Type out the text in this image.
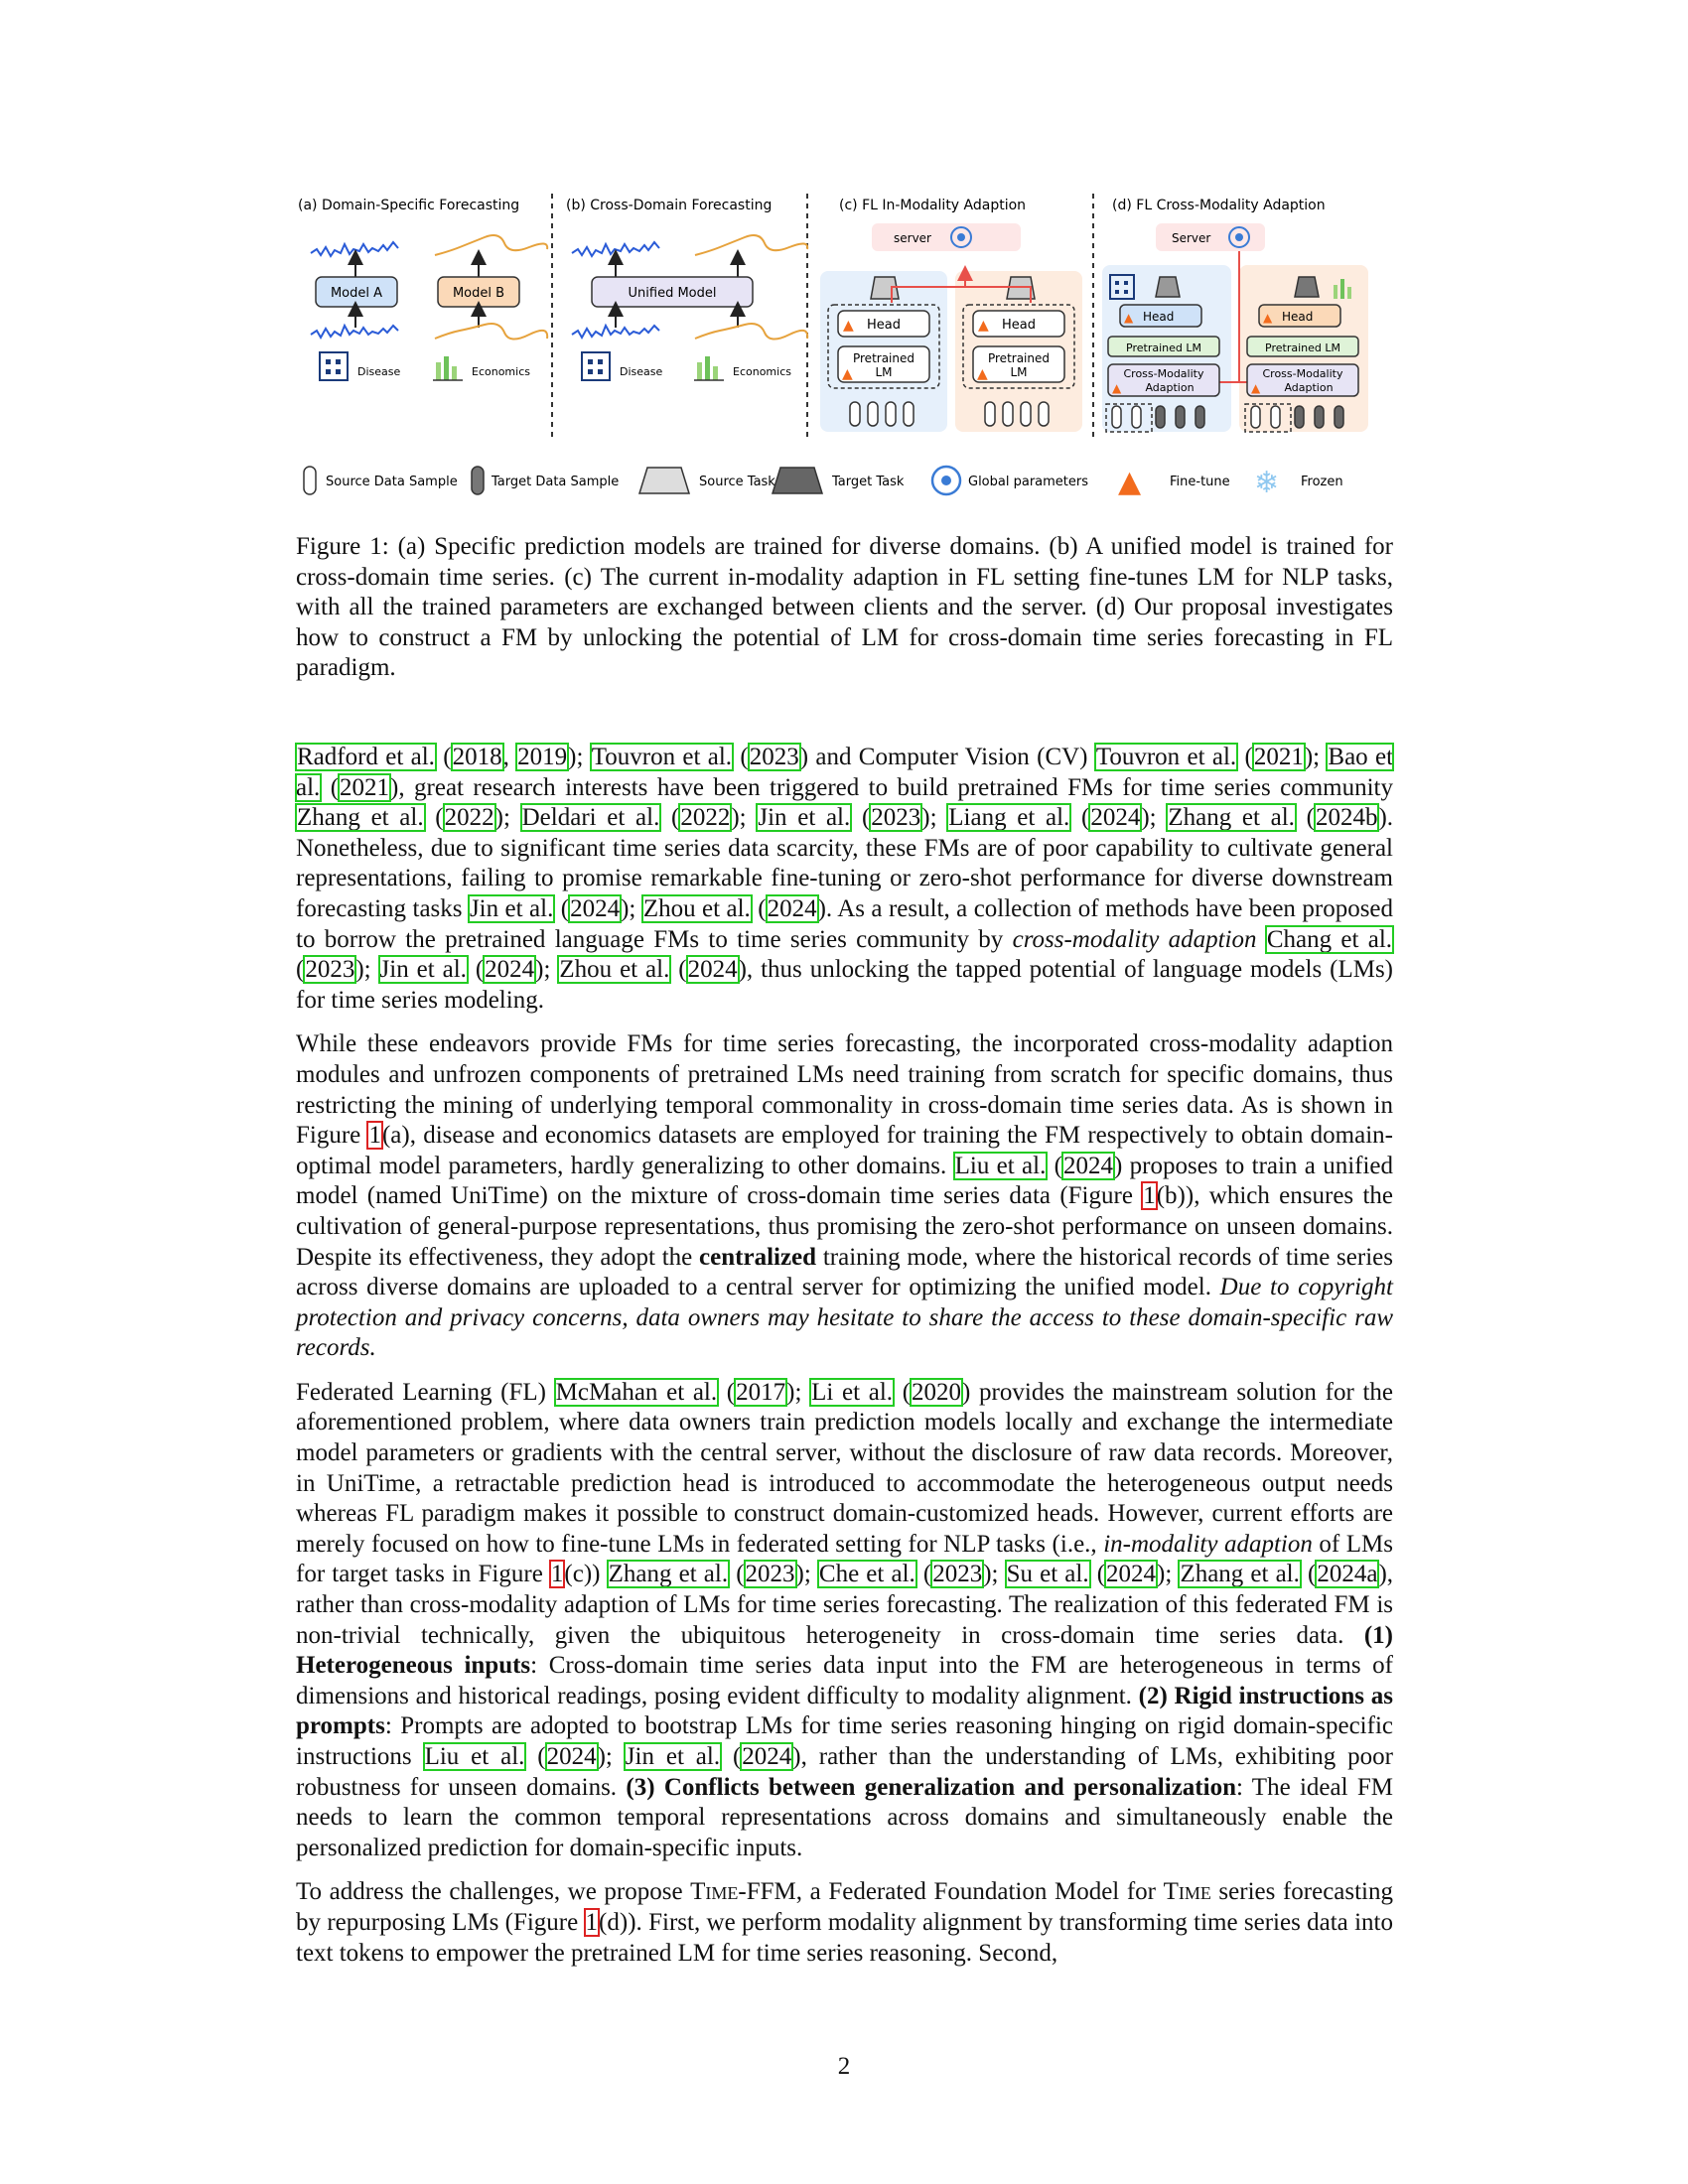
(a) Domain-Specific Forecasting
Model A	Model B
Disease	Economics
(b) Cross-Domain Forecasting
Unified Model
Disease	Economics
(c) FL In-Modality Adaption
server
▲ Head	▲ Head
Pretrained
LM
▲
Pretrained
LM
▲
(d) FL Cross-Modality Adaption
Server
▲ Head	▲ Head
Pretrained LM	Pretrained LM
Cross-Modality
Adaption
▲
Cross-Modality
Adaption
▲
Source Data Sample	Target Data Sample	Source Task	Target Task	Global parameters ▲ Fine-tune ❄ Frozen
Figure 1: (a) Specific prediction models are trained for diverse domains. (b) A unified model is trained for cross-domain time series. (c) The current in-modality adaption in FL setting fine-tunes LM for NLP tasks, with all the trained parameters are exchanged between clients and the server. (d) Our proposal investigates how to construct a FM by unlocking the potential of LM for cross-domain time series forecasting in FL paradigm.

Radford et al. (2018, 2019); Touvron et al. (2023) and Computer Vision (CV) Touvron et al. (2021); Bao et al. (2021), great research interests have been triggered to build pretrained FMs for time series community Zhang et al. (2022); Deldari et al. (2022); Jin et al. (2023); Liang et al. (2024); Zhang et al. (2024b). Nonetheless, due to significant time series data scarcity, these FMs are of poor capability to cultivate general representations, failing to promise remarkable fine-tuning or zero-shot performance for diverse downstream forecasting tasks Jin et al. (2024); Zhou et al. (2024). As a result, a collection of methods have been proposed to borrow the pretrained language FMs to time series community by cross-modality adaption Chang et al. (2023); Jin et al. (2024); Zhou et al. (2024), thus unlocking the tapped potential of language models (LMs) for time series modeling.

While these endeavors provide FMs for time series forecasting, the incorporated cross-modality adaption modules and unfrozen components of pretrained LMs need training from scratch for specific domains, thus restricting the mining of underlying temporal commonality in cross-domain time series data. As is shown in Figure 1(a), disease and economics datasets are employed for training the FM respectively to obtain domain-optimal model parameters, hardly generalizing to other domains. Liu et al. (2024) proposes to train a unified model (named UniTime) on the mixture of cross-domain time series data (Figure 1(b)), which ensures the cultivation of general-purpose representations, thus promising the zero-shot performance on unseen domains. Despite its effectiveness, they adopt the centralized training mode, where the historical records of time series across diverse domains are uploaded to a central server for optimizing the unified model. Due to copyright protection and privacy concerns, data owners may hesitate to share the access to these domain-specific raw records.

Federated Learning (FL) McMahan et al. (2017); Li et al. (2020) provides the mainstream solution for the aforementioned problem, where data owners train prediction models locally and exchange the intermediate model parameters or gradients with the central server, without the disclosure of raw data records. Moreover, in UniTime, a retractable prediction head is introduced to accommodate the heterogeneous output needs whereas FL paradigm makes it possible to construct domain-customized heads. However, current efforts are merely focused on how to fine-tune LMs in federated setting for NLP tasks (i.e., in-modality adaption of LMs for target tasks in Figure 1(c)) Zhang et al. (2023); Che et al. (2023); Su et al. (2024); Zhang et al. (2024a), rather than cross-modality adaption of LMs for time series forecasting. The realization of this federated FM is non-trivial technically, given the ubiquitous heterogeneity in cross-domain time series data. (1) Heterogeneous inputs: Cross-domain time series data input into the FM are heterogeneous in terms of dimensions and historical readings, posing evident difficulty to modality alignment. (2) Rigid instructions as prompts: Prompts are adopted to bootstrap LMs for time series reasoning hinging on rigid domain-specific instructions Liu et al. (2024); Jin et al. (2024), rather than the understanding of LMs, exhibiting poor robustness for unseen domains. (3) Conflicts between generalization and personalization: The ideal FM needs to learn the common temporal representations across domains and simultaneously enable the personalized prediction for domain-specific inputs.

To address the challenges, we propose Time-FFM, a Federated Foundation Model for Time series forecasting by repurposing LMs (Figure 1(d)). First, we perform modality alignment by transforming time series data into text tokens to empower the pretrained LM for time series reasoning. Second,

2
